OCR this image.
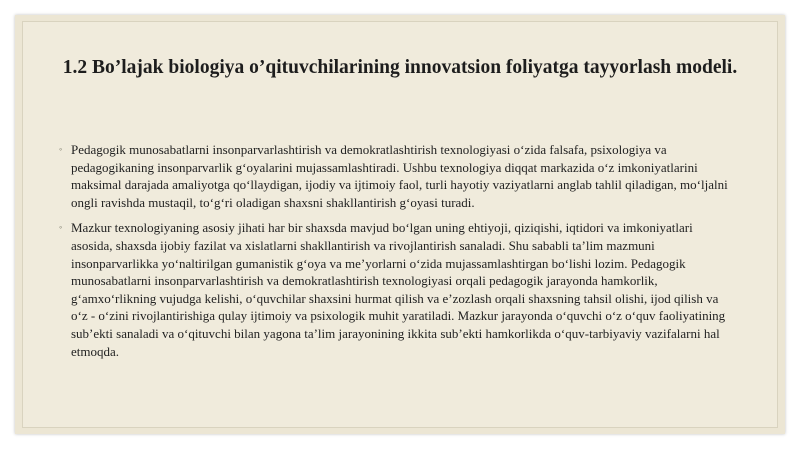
1.2 Bo’lajak biologiya o’qituvchilarining innovatsion foliyatga tayyorlash modeli.
◦ Pedagogik munosabatlarni insonparvarlashtirish va demokratlashtirish texnologiyasi o‘zida falsafa, psixologiya va pedagogikaning insonparvarlik g‘oyalarini mujassamlashtiradi. Ushbu texnologiya diqqat markazida o‘z imkoniyatlarini maksimal darajada amaliyotga qo‘llaydigan, ijodiy va ijtimoiy faol, turli hayotiy vaziyatlarni anglab tahlil qiladigan, mo‘ljalni ongli ravishda mustaqil, to‘g‘ri oladigan shaxsni shakllantirish g‘oyasi turadi.
◦ Mazkur texnologiyaning asosiy jihati har bir shaxsda mavjud bo‘lgan uning ehtiyoji, qiziqishi, iqtidori va imkoniyatlari asosida, shaxsda ijobiy fazilat va xislatlarni shakllantirish va rivojlantirish sanaladi. Shu sababli ta’lim mazmuni insonparvarlikka yo‘naltirilgan gumanistik g‘oya va me’yorlarni o‘zida mujassamlashtirgan bo‘lishi lozim. Pedagogik munosabatlarni insonparvarlashtirish va demokratlashtirish texnologiyasi orqali pedagogik jarayonda hamkorlik, g‘amxo‘rlikning vujudga kelishi, o‘quvchilar shaxsini hurmat qilish va e’zozlash orqali shaxsning tahsil olishi, ijod qilish va o‘z - o‘zini rivojlantirishiga qulay ijtimoiy va psixologik muhit yaratiladi. Mazkur jarayonda o‘quvchi o‘z o‘quv faoliyatining sub’ekti sanaladi va o‘qituvchi bilan yagona ta’lim jarayonining ikkita sub’ekti hamkorlikda o‘quv-tarbiyaviy vazifalarni hal etmoqda.
